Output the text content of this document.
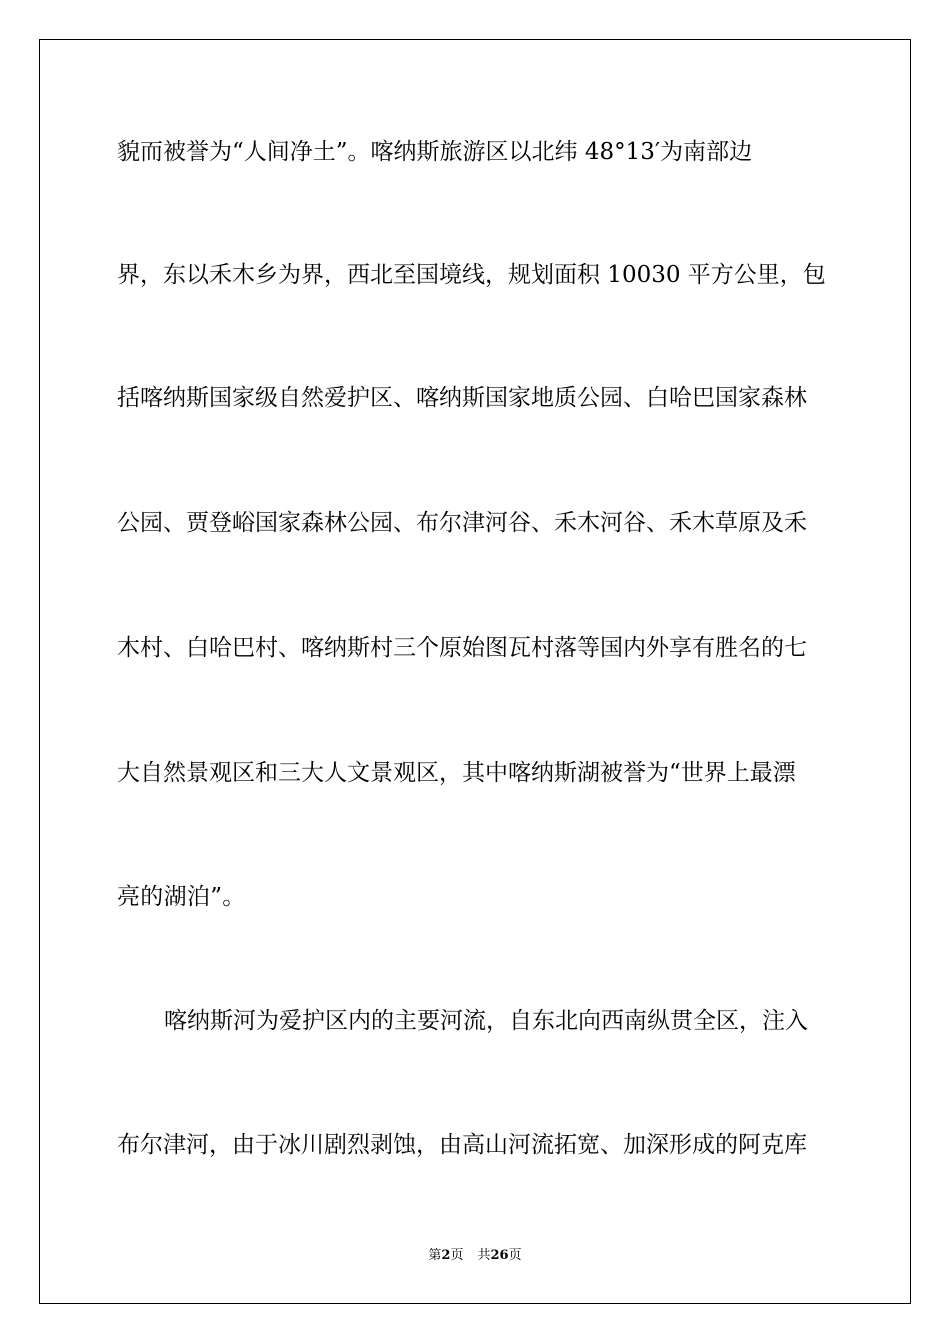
貌而被誉为“人间净土”。喀纳斯旅游区以北纬 48°13′为南部边
界，东以禾木乡为界，西北至国境线，规划面积 10030 平方公里，包
括喀纳斯国家级自然爱护区、喀纳斯国家地质公园、白哈巴国家森林
公园、贾登峪国家森林公园、布尔津河谷、禾木河谷、禾木草原及禾
木村、白哈巴村、喀纳斯村三个原始图瓦村落等国内外享有胜名的七
大自然景观区和三大人文景观区，其中喀纳斯湖被誉为“世界上最漂
亮的湖泊”。
喀纳斯河为爱护区内的主要河流，自东北向西南纵贯全区，注入
布尔津河，由于冰川剧烈剥蚀，由高山河流拓宽、加深形成的阿克库
第2页 共26页
